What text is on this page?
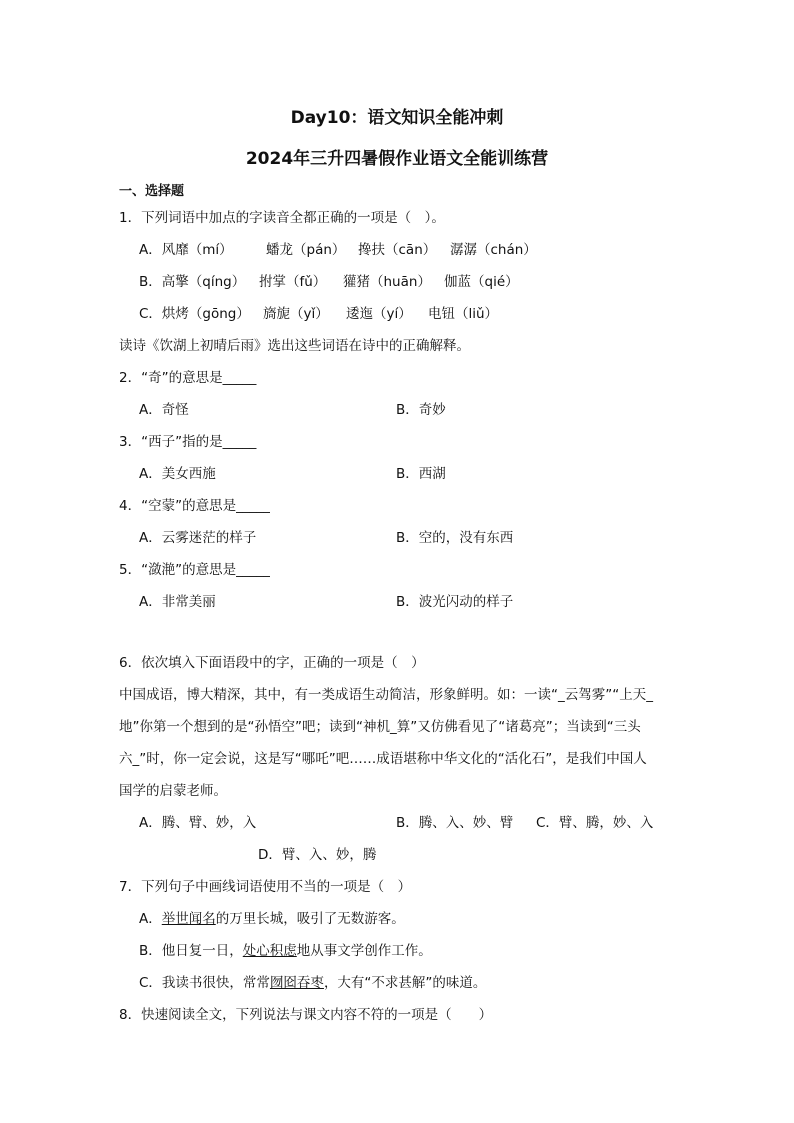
Day10：语文知识全能冲刺
2024年三升四暑假作业语文全能训练营
一、选择题
1．下列词语中加点的字读音全都正确的一项是（　）。
A．风靡（mí） 蟠龙（pán） 搀扶（cān） 潺潺（chán）
B．高擎（qíng） 拊掌（fǔ） 獾猪（huān） 伽蓝（qié）
C．烘烤（gōng） 旖旎（yǐ） 逶迤（yí） 电钮（liǔ）
读诗《饮湖上初晴后雨》选出这些词语在诗中的正确解释。
2．“奇”的意思是_____
A．奇怪	B．奇妙
3．“西子”指的是_____
A．美女西施	B．西湖
4．“空蒙”的意思是_____
A．云雾迷茫的样子	B．空的，没有东西
5．“潋滟”的意思是_____
A．非常美丽	B．波光闪动的样子
6．依次填入下面语段中的字，正确的一项是（　）
中国成语，博大精深，其中，有一类成语生动简洁，形象鲜明。如：一读“_云驾雾”“上天_
地”你第一个想到的是“孙悟空”吧；读到“神机_算”又仿佛看见了“诸葛亮”；当读到“三头
六_”时，你一定会说，这是写“哪吒”吧……成语堪称中华文化的“活化石”，是我们中国人
国学的启蒙老师。
A．腾、臂、妙，入	B．腾、入、妙、臂 C．臂、腾，妙、入
D．臂、入、妙，腾
7．下列句子中画线词语使用不当的一项是（　）
A．举世闻名的万里长城，吸引了无数游客。
B．他日复一日，处心积虑地从事文学创作工作。
C．我读书很快，常常囫囵吞枣，大有“不求甚解”的味道。
8．快速阅读全文，下列说法与课文内容不符的一项是（　　）
